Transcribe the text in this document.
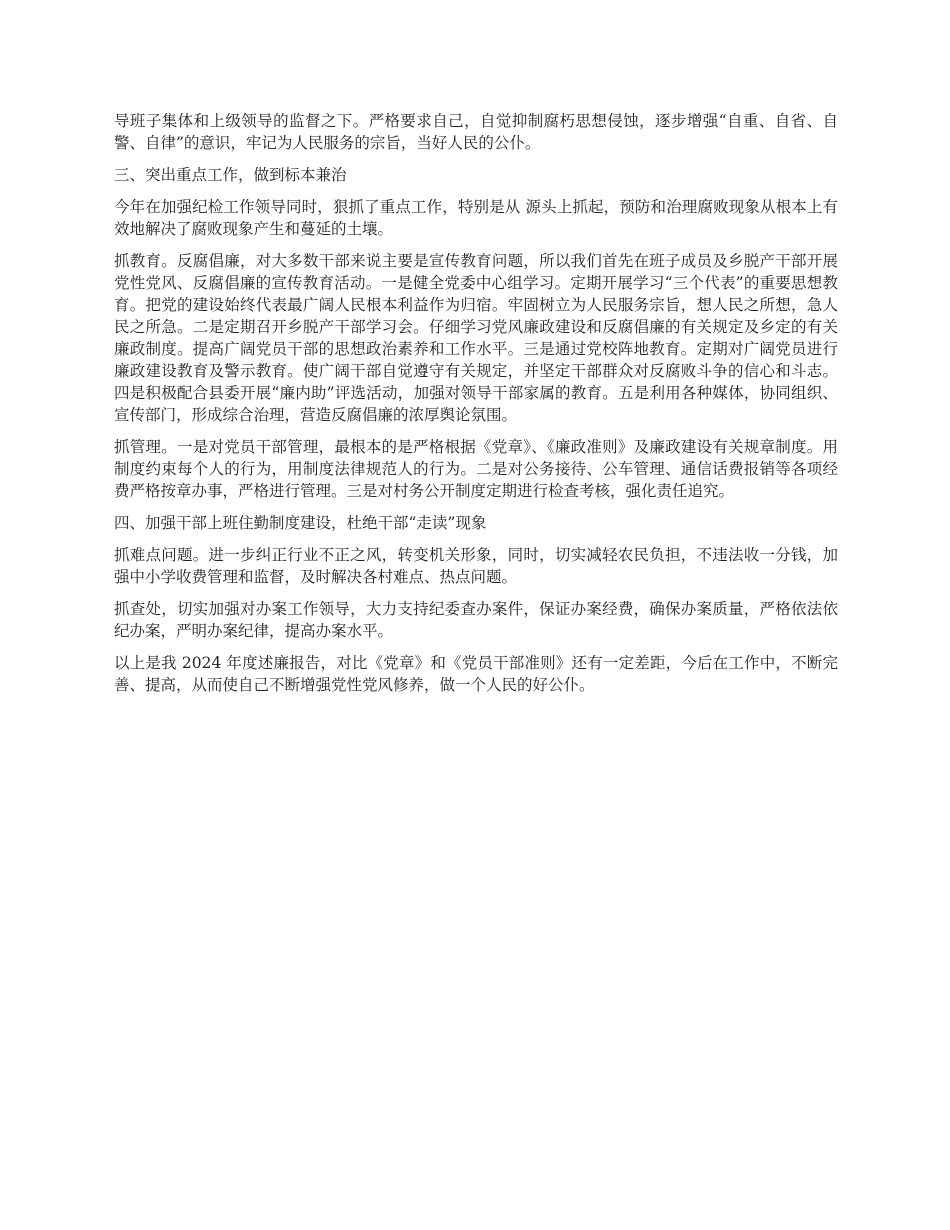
导班子集体和上级领导的监督之下。严格要求自己，自觉抑制腐朽思想侵蚀，逐步增强“自重、自省、自警、自律”的意识，牢记为人民服务的宗旨，当好人民的公仆。

三、突出重点工作，做到标本兼治

今年在加强纪检工作领导同时，狠抓了重点工作，特别是从 源头上抓起，预防和治理腐败现象从根本上有效地解决了腐败现象产生和蔓延的土壤。

抓教育。反腐倡廉，对大多数干部来说主要是宣传教育问题，所以我们首先在班子成员及乡脱产干部开展党性党风、反腐倡廉的宣传教育活动。一是健全党委中心组学习。定期开展学习“三个代表”的重要思想教育。把党的建设始终代表最广阔人民根本利益作为归宿。牢固树立为人民服务宗旨，想人民之所想，急人民之所急。二是定期召开乡脱产干部学习会。仔细学习党风廉政建设和反腐倡廉的有关规定及乡定的有关廉政制度。提高广阔党员干部的思想政治素养和工作水平。三是通过党校阵地教育。定期对广阔党员进行廉政建设教育及警示教育。使广阔干部自觉遵守有关规定，并坚定干部群众对反腐败斗争的信心和斗志。四是积极配合县委开展“廉内助”评选活动，加强对领导干部家属的教育。五是利用各种媒体，协同组织、宣传部门，形成综合治理，营造反腐倡廉的浓厚舆论氛围。

抓管理。一是对党员干部管理，最根本的是严格根据《党章》、《廉政准则》及廉政建设有关规章制度。用制度约束每个人的行为，用制度法律规范人的行为。二是对公务接待、公车管理、通信话费报销等各项经费严格按章办事，严格进行管理。三是对村务公开制度定期进行检查考核，强化责任追究。

四、加强干部上班住勤制度建设，杜绝干部“走读”现象

抓难点问题。进一步纠正行业不正之风，转变机关形象，同时，切实减轻农民负担，不违法收一分钱，加强中小学收费管理和监督，及时解决各村难点、热点问题。

抓查处，切实加强对办案工作领导，大力支持纪委查办案件，保证办案经费，确保办案质量，严格依法依纪办案，严明办案纪律，提高办案水平。

以上是我 2024 年度述廉报告，对比《党章》和《党员干部准则》还有一定差距，今后在工作中，不断完善、提高，从而使自己不断增强党性党风修养，做一个人民的好公仆。
